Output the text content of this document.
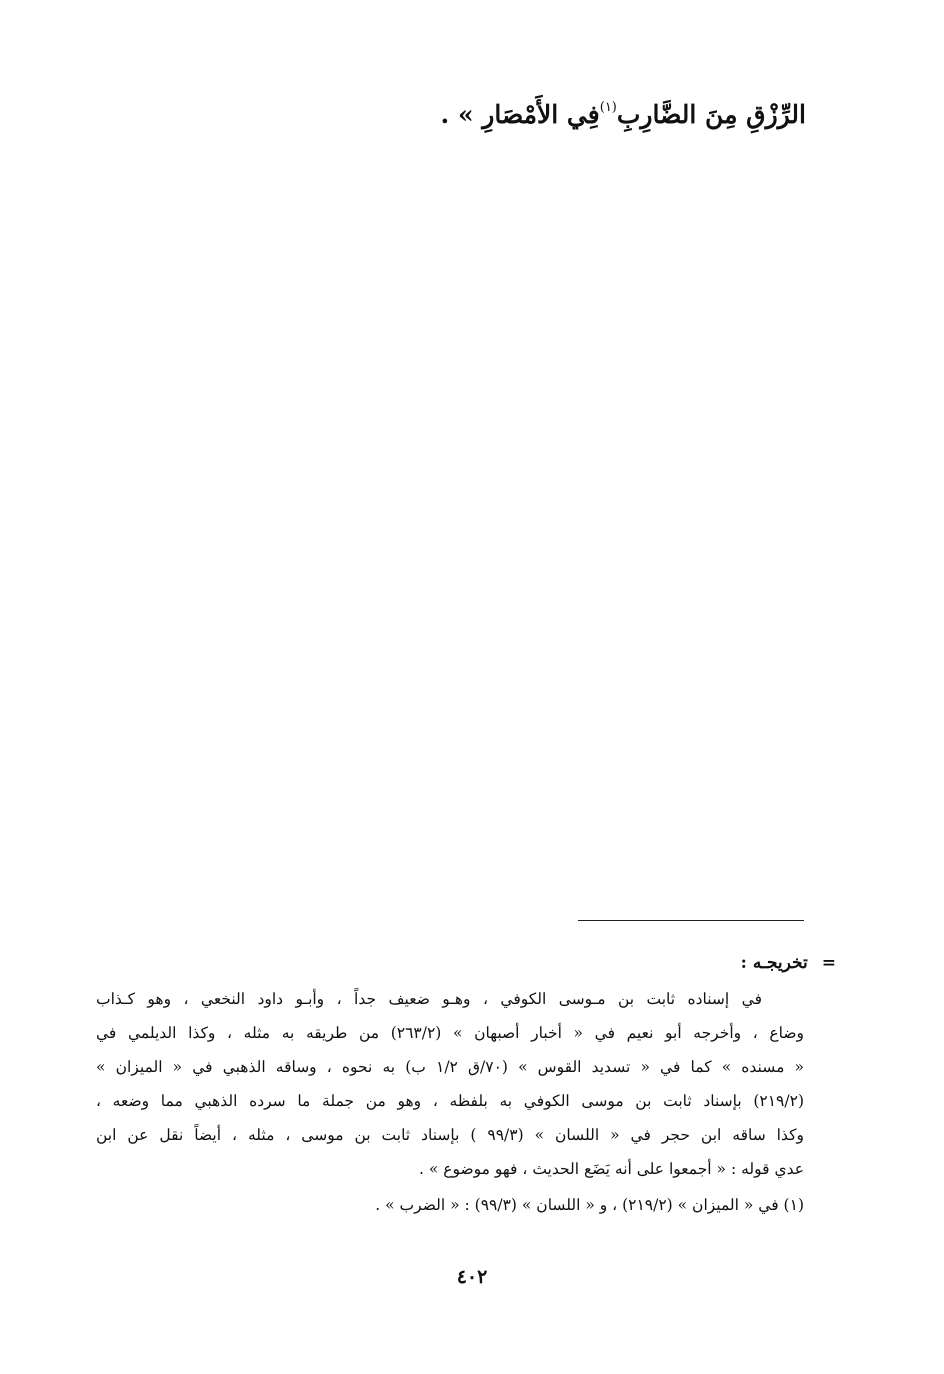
الرِّزْقِ مِنَ الضَّارِبِ$^{(١)}$فِي الأَمْصَارِ » .
=تخريجـه :
في إسناده ثابت بن مـوسى الكوفي ، وهـو ضعيف جداً ، وأبـو داود النخعي ، وهو كـذاب
وضاع ، وأخرجه أبو نعيم في « أخبار أصبهان » (٢٦٣/٢) من طريقه به مثله ، وكذا الديلمي في
« مسنده » كما في « تسديد القوس » (٧٠/ق ١/٢ ب) به نحوه ، وساقه الذهبي في « الميزان »
(٢١٩/٢) بإسناد ثابت بن موسى الكوفي به بلفظه ، وهو من جملة ما سرده الذهبي مما وضعه ،
وكذا ساقه ابن حجر في « اللسان » (٩٩/٣ ) بإسناد ثابت بن موسى ، مثله ، أيضاً نقل عن ابن
عدي قوله : « أجمعوا على أنه يَضَع الحديث ، فهو موضوع » .
(١) في « الميزان » (٢١٩/٢) ، و « اللسان » (٩٩/٣) : « الضرب » .
٤٠٢
